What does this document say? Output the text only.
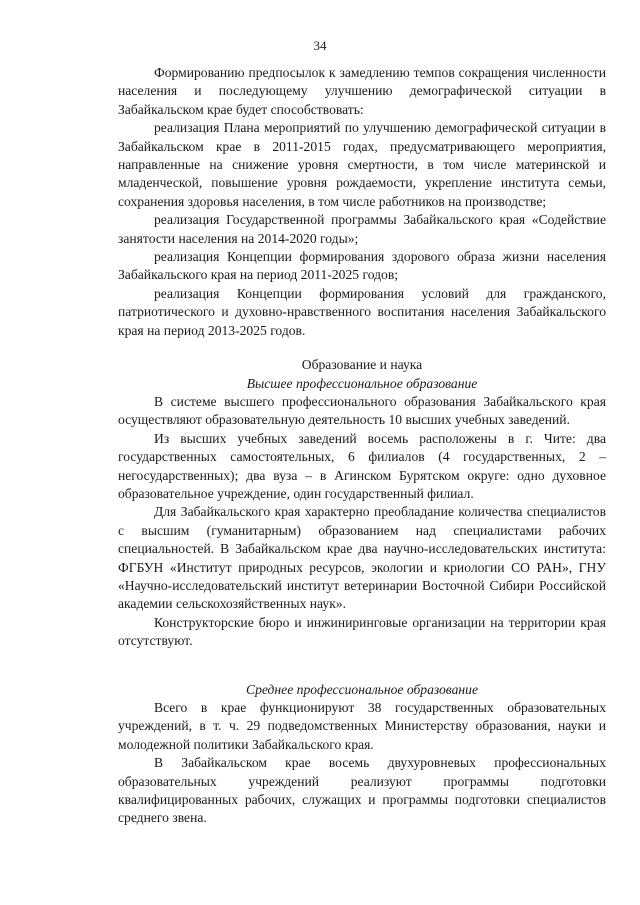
34

Формированию предпосылок к замедлению темпов сокращения численности населения и последующему улучшению демографической ситуации в Забайкальском крае будет способствовать:

реализация Плана мероприятий по улучшению демографической ситуации в Забайкальском крае в 2011-2015 годах, предусматривающего мероприятия, направленные на снижение уровня смертности, в том числе материнской и младенческой, повышение уровня рождаемости, укрепление института семьи, сохранения здоровья населения, в том числе работников на производстве;

реализация Государственной программы Забайкальского края «Содействие занятости населения на 2014-2020 годы»;

реализация Концепции формирования здорового образа жизни населения Забайкальского края на период 2011-2025 годов;

реализация Концепции формирования условий для гражданского, патриотического и духовно-нравственного воспитания населения Забайкальского края на период 2013-2025 годов.

Образование и наука
Высшее профессиональное образование

В системе высшего профессионального образования Забайкальского края осуществляют образовательную деятельность 10 высших учебных заведений.

Из высших учебных заведений восемь расположены в г. Чите: два государственных самостоятельных, 6 филиалов (4 государственных, 2 – негосударственных); два вуза – в Агинском Бурятском округе: одно духовное образовательное учреждение, один государственный филиал.

Для Забайкальского края характерно преобладание количества специалистов с высшим (гуманитарным) образованием над специалистами рабочих специальностей. В Забайкальском крае два научно-исследовательских института: ФГБУН «Институт природных ресурсов, экологии и криологии СО РАН», ГНУ «Научно-исследовательский институт ветеринарии Восточной Сибири Российской академии сельскохозяйственных наук».

Конструкторские бюро и инжиниринговые организации на территории края отсутствуют.

Среднее профессиональное образование

Всего в крае функционируют 38 государственных образовательных учреждений, в т. ч. 29 подведомственных Министерству образования, науки и молодежной политики Забайкальского края.

В Забайкальском крае восемь двухуровневых профессиональных образовательных учреждений реализуют программы подготовки квалифицированных рабочих, служащих и программы подготовки специалистов среднего звена.
